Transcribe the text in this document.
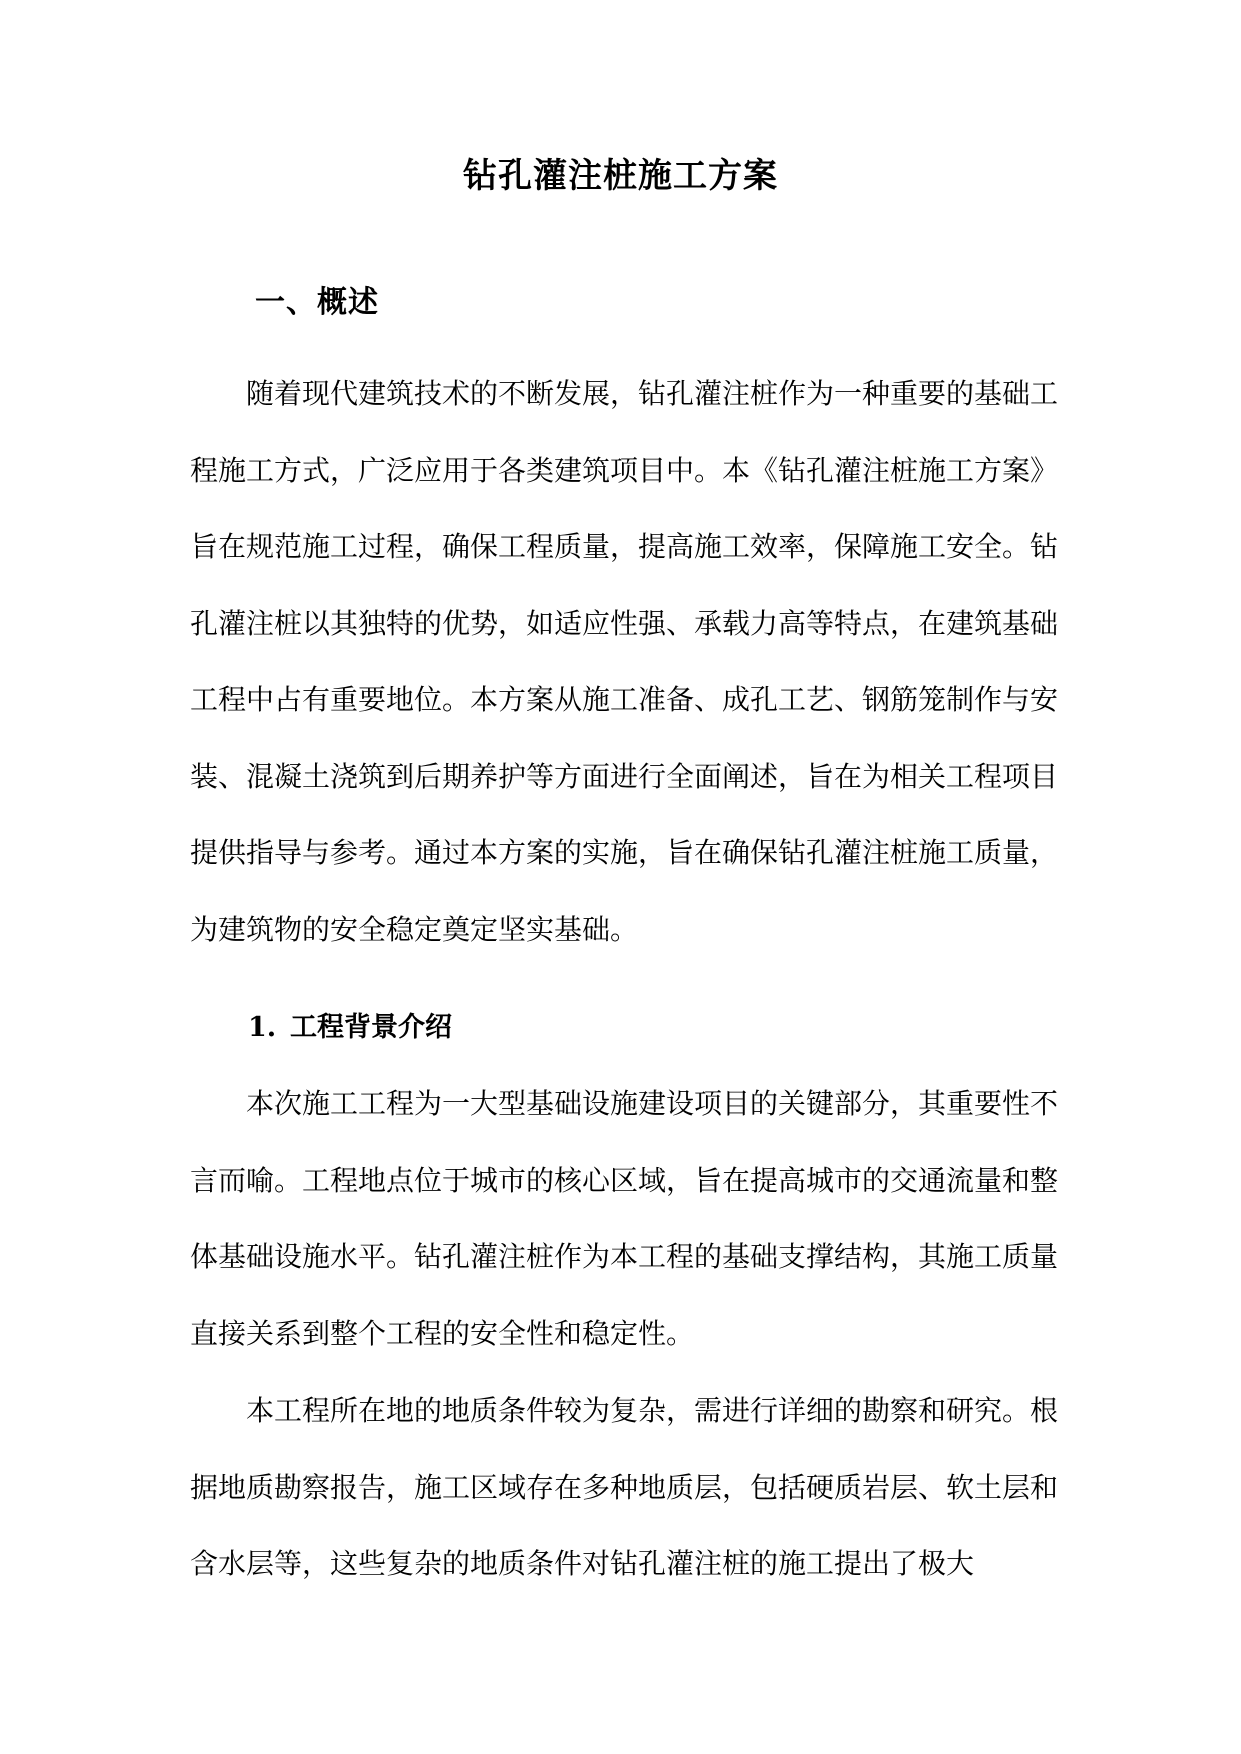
钻孔灌注桩施工方案
一、概述

随着现代建筑技术的不断发展，钻孔灌注桩作为一种重要的基础工程施工方式，广泛应用于各类建筑项目中。本《钻孔灌注桩施工方案》旨在规范施工过程，确保工程质量，提高施工效率，保障施工安全。钻孔灌注桩以其独特的优势，如适应性强、承载力高等特点，在建筑基础工程中占有重要地位。本方案从施工准备、成孔工艺、钢筋笼制作与安装、混凝土浇筑到后期养护等方面进行全面阐述，旨在为相关工程项目提供指导与参考。通过本方案的实施，旨在确保钻孔灌注桩施工质量，为建筑物的安全稳定奠定坚实基础。

1. 工程背景介绍

本次施工工程为一大型基础设施建设项目的关键部分，其重要性不言而喻。工程地点位于城市的核心区域，旨在提高城市的交通流量和整体基础设施水平。钻孔灌注桩作为本工程的基础支撑结构，其施工质量直接关系到整个工程的安全性和稳定性。

本工程所在地的地质条件较为复杂，需进行详细的勘察和研究。根据地质勘察报告，施工区域存在多种地质层，包括硬质岩层、软土层和含水层等，这些复杂的地质条件对钻孔灌注桩的施工提出了极大
